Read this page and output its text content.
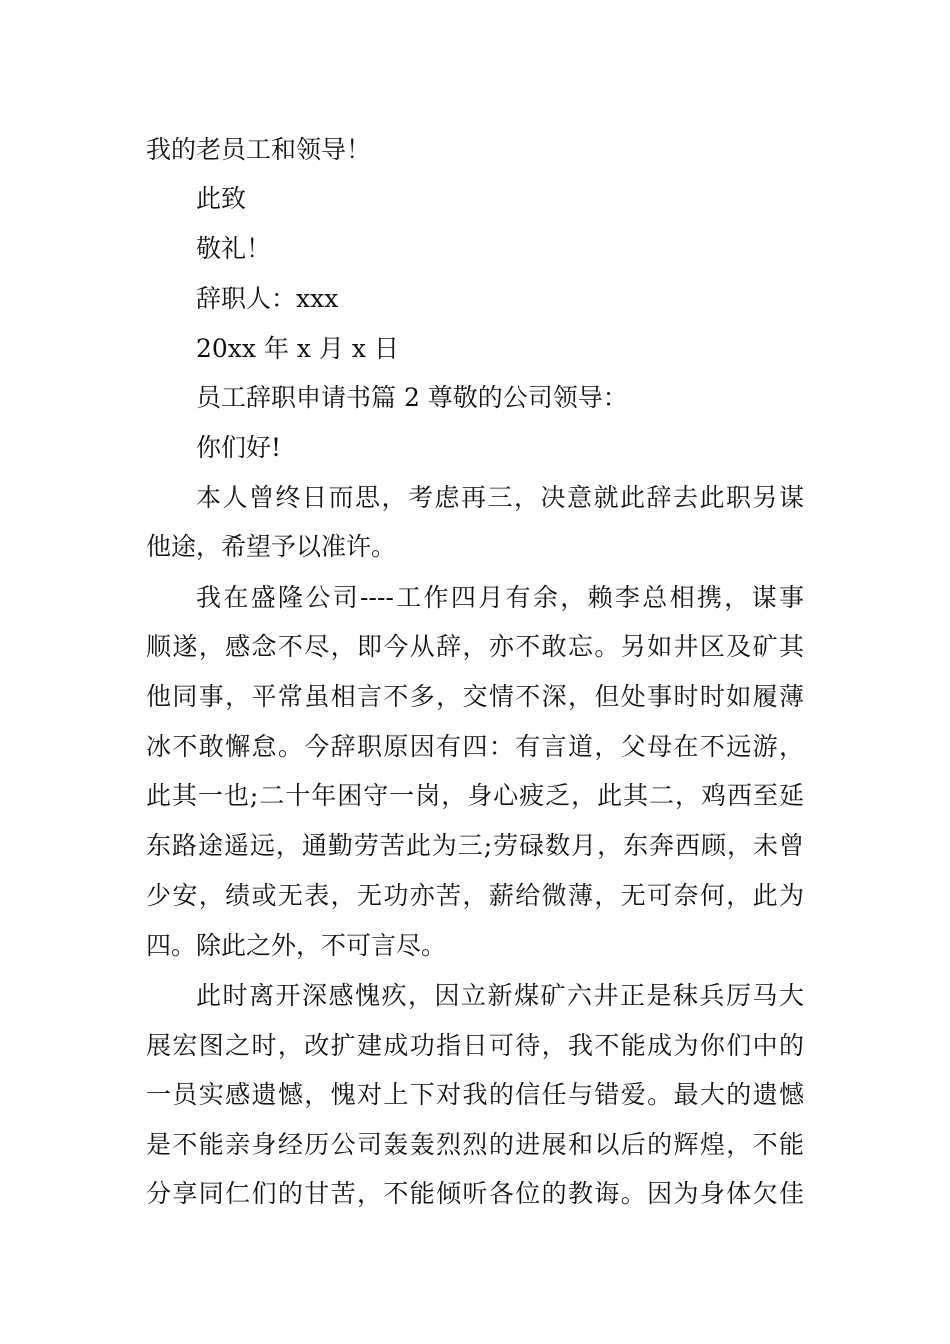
我的老员工和领导！
此致
敬礼！
辞职人：xxx
20xx 年 x 月 x 日
员工辞职申请书篇 2 尊敬的公司领导：
你们好!
本人曾终日而思，考虑再三，决意就此辞去此职另谋
他途，希望予以准许。
我在盛隆公司----工作四月有余，赖李总相携，谋事
顺遂，感念不尽，即今从辞，亦不敢忘。另如井区及矿其
他同事，平常虽相言不多，交情不深，但处事时时如履薄
冰不敢懈怠。今辞职原因有四：有言道，父母在不远游，
此其一也;二十年困守一岗，身心疲乏，此其二，鸡西至延
东路途遥远，通勤劳苦此为三;劳碌数月，东奔西顾，未曾
少安，绩或无表，无功亦苦，薪给微薄，无可奈何，此为
四。除此之外，不可言尽。
此时离开深感愧疚，因立新煤矿六井正是秣兵厉马大
展宏图之时，改扩建成功指日可待，我不能成为你们中的
一员实感遗憾，愧对上下对我的信任与错爱。最大的遗憾
是不能亲身经历公司轰轰烈烈的进展和以后的辉煌，不能
分享同仁们的甘苦，不能倾听各位的教诲。因为身体欠佳
